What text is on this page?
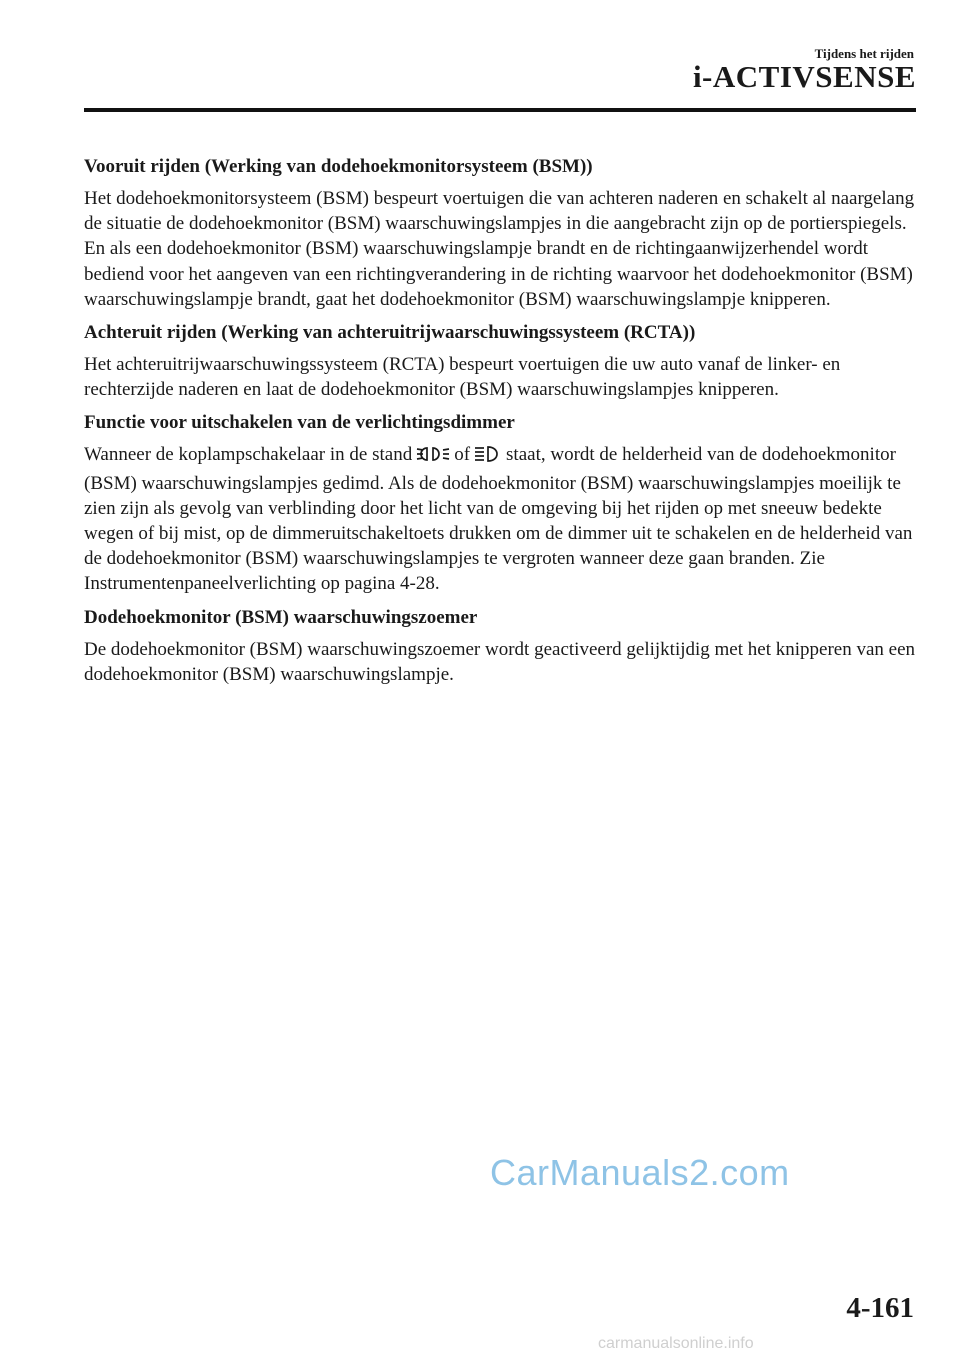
Tijdens het rijden
i-ACTIVSENSE
Vooruit rijden (Werking van dodehoekmonitorsysteem (BSM))

Het dodehoekmonitorsysteem (BSM) bespeurt voertuigen die van achteren naderen en schakelt al naargelang de situatie de dodehoekmonitor (BSM) waarschuwingslampjes in die aangebracht zijn op de portierspiegels. En als een dodehoekmonitor (BSM) waarschuwingslampje brandt en de richtingaanwijzerhendel wordt bediend voor het aangeven van een richtingverandering in de richting waarvoor het dodehoekmonitor (BSM) waarschuwingslampje brandt, gaat het dodehoekmonitor (BSM) waarschuwingslampje knipperen.

Achteruit rijden (Werking van achteruitrijwaarschuwingssysteem (RCTA))

Het achteruitrijwaarschuwingssysteem (RCTA) bespeurt voertuigen die uw auto vanaf de linker- en rechterzijde naderen en laat de dodehoekmonitor (BSM) waarschuwingslampjes knipperen.

Functie voor uitschakelen van de verlichtingsdimmer

Wanneer de koplampschakelaar in de stand of staat, wordt de helderheid van de dodehoekmonitor (BSM) waarschuwingslampjes gedimd. Als de dodehoekmonitor (BSM) waarschuwingslampjes moeilijk te zien zijn als gevolg van verblinding door het licht van de omgeving bij het rijden op met sneeuw bedekte wegen of bij mist, op de dimmeruitschakeltoets drukken om de dimmer uit te schakelen en de helderheid van de dodehoekmonitor (BSM) waarschuwingslampjes te vergroten wanneer deze gaan branden. Zie Instrumentenpaneelverlichting op pagina 4-28.

Dodehoekmonitor (BSM) waarschuwingszoemer

De dodehoekmonitor (BSM) waarschuwingszoemer wordt geactiveerd gelijktijdig met het knipperen van een dodehoekmonitor (BSM) waarschuwingslampje.

CarManuals2.com
4-161
carmanualsonline.info
